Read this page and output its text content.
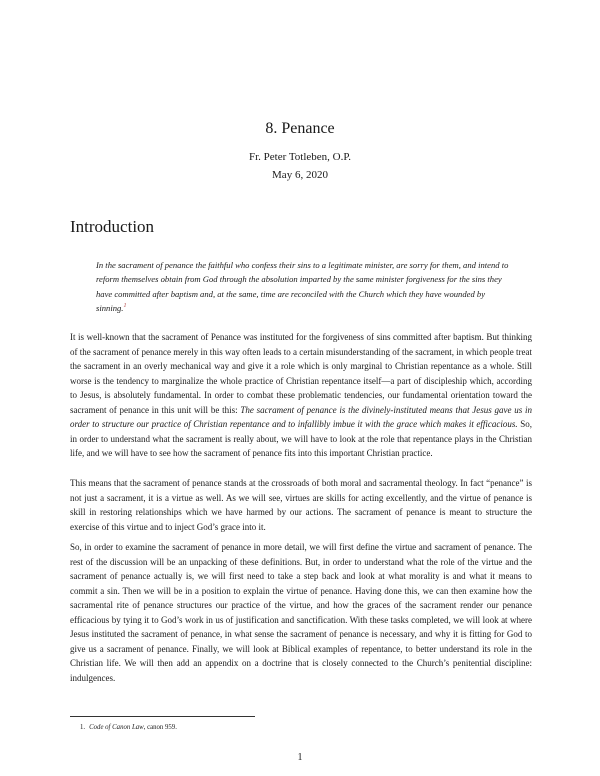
8. Penance
Fr. Peter Totleben, O.P.
May 6, 2020
Introduction
In the sacrament of penance the faithful who confess their sins to a legitimate minister, are sorry for them, and intend to reform themselves obtain from God through the absolution imparted by the same minister forgiveness for the sins they have committed after baptism and, at the same, time are reconciled with the Church which they have wounded by sinning.$^1$
It is well-known that the sacrament of Penance was instituted for the forgiveness of sins committed after baptism. But thinking of the sacrament of penance merely in this way often leads to a certain misunderstanding of the sacrament, in which people treat the sacrament in an overly mechanical way and give it a role which is only marginal to Christian repentance as a whole. Still worse is the tendency to marginalize the whole practice of Christian repentance itself—a part of discipleship which, according to Jesus, is absolutely fundamental. In order to combat these problematic tendencies, our fundamental orientation toward the sacrament of penance in this unit will be this: The sacrament of penance is the divinely-instituted means that Jesus gave us in order to structure our practice of Christian repentance and to infallibly imbue it with the grace which makes it efficacious. So, in order to understand what the sacrament is really about, we will have to look at the role that repentance plays in the Christian life, and we will have to see how the sacrament of penance fits into this important Christian practice.
This means that the sacrament of penance stands at the crossroads of both moral and sacramental theology. In fact “penance” is not just a sacrament, it is a virtue as well. As we will see, virtues are skills for acting excellently, and the virtue of penance is skill in restoring relationships which we have harmed by our actions. The sacrament of penance is meant to structure the exercise of this virtue and to inject God’s grace into it.
So, in order to examine the sacrament of penance in more detail, we will first define the virtue and sacrament of penance. The rest of the discussion will be an unpacking of these definitions. But, in order to understand what the role of the virtue and the sacrament of penance actually is, we will first need to take a step back and look at what morality is and what it means to commit a sin. Then we will be in a position to explain the virtue of penance. Having done this, we can then examine how the sacramental rite of penance structures our practice of the virtue, and how the graces of the sacrament render our penance efficacious by tying it to God’s work in us of justification and sanctification. With these tasks completed, we will look at where Jesus instituted the sacrament of penance, in what sense the sacrament of penance is necessary, and why it is fitting for God to give us a sacrament of penance. Finally, we will look at Biblical examples of repentance, to better understand its role in the Christian life. We will then add an appendix on a doctrine that is closely connected to the Church’s penitential discipline: indulgences.
1. Code of Canon Law, canon 959.
1
